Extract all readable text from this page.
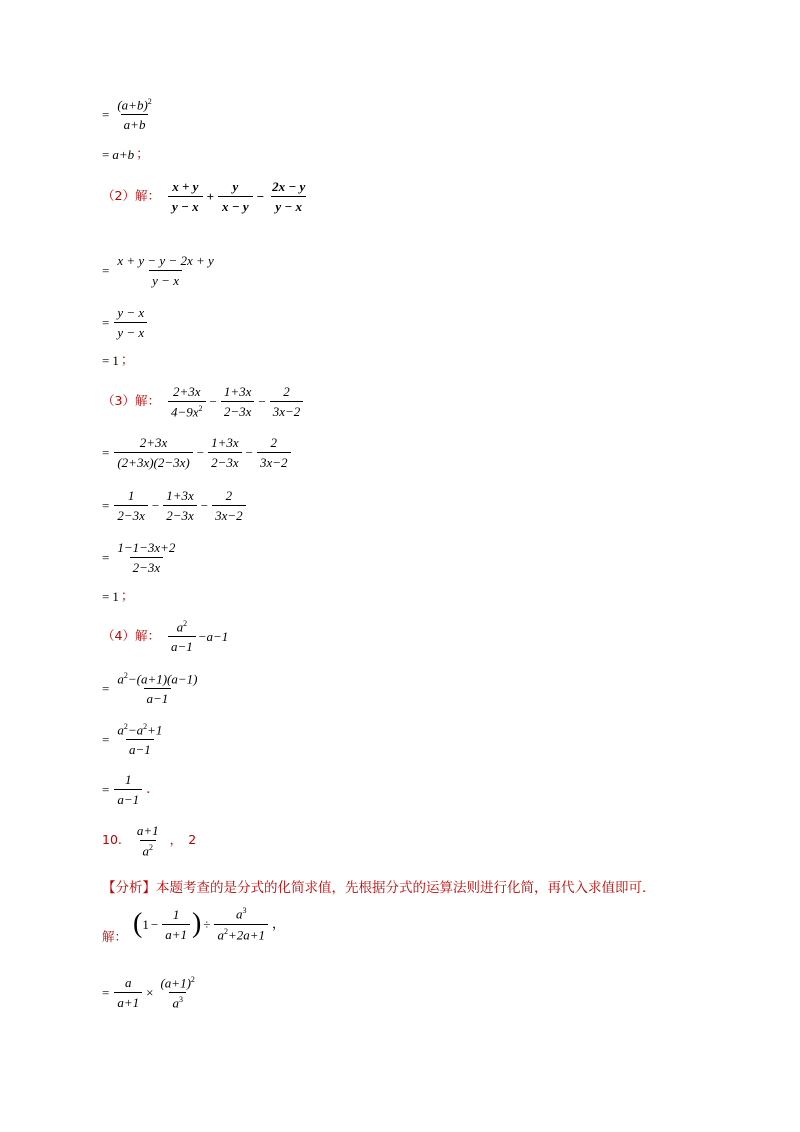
= $\frac{(a+b)^2}{a+b}$
= a+b ；
（2）解： $\frac{x + y}{y - x} + \frac{y}{x - y} - \frac{2x - y}{y - x}$
= $\frac{x + y - y - 2x + y}{y - x}$
= $\frac{y - x}{y - x}$
= 1 ；
（3）解： $\frac{2+3x}{4-9x^2} - \frac{1+3x}{2-3x} - \frac{2}{3x-2}$
= $\frac{2+3x}{(2+3x)(2-3x)} - \frac{1+3x}{2-3x} - \frac{2}{3x-2}$
= $\frac{1}{2-3x} - \frac{1+3x}{2-3x} - \frac{2}{3x-2}$
= $\frac{1-1-3x+2}{2-3x}$
= 1 ；
（4）解： $\frac{a^2}{a-1} -a-1$
= $\frac{a^2-(a+1)(a-1)}{a-1}$
= $\frac{a^2-a^2+1}{a-1}$
= $\frac{1}{a-1}$ .
10. $\frac{a+1}{a^2}$ ， 2
【分析】本题考查的是分式的化简求值，先根据分式的运算法则进行化简，再代入求值即可．
解： ( $1 - \frac{1}{a+1}$ ) ÷ $\frac{a^3}{a^2+2a+1}$ ，
= $\frac{a}{a+1} \times \frac{(a+1)^2}{a^3}$
